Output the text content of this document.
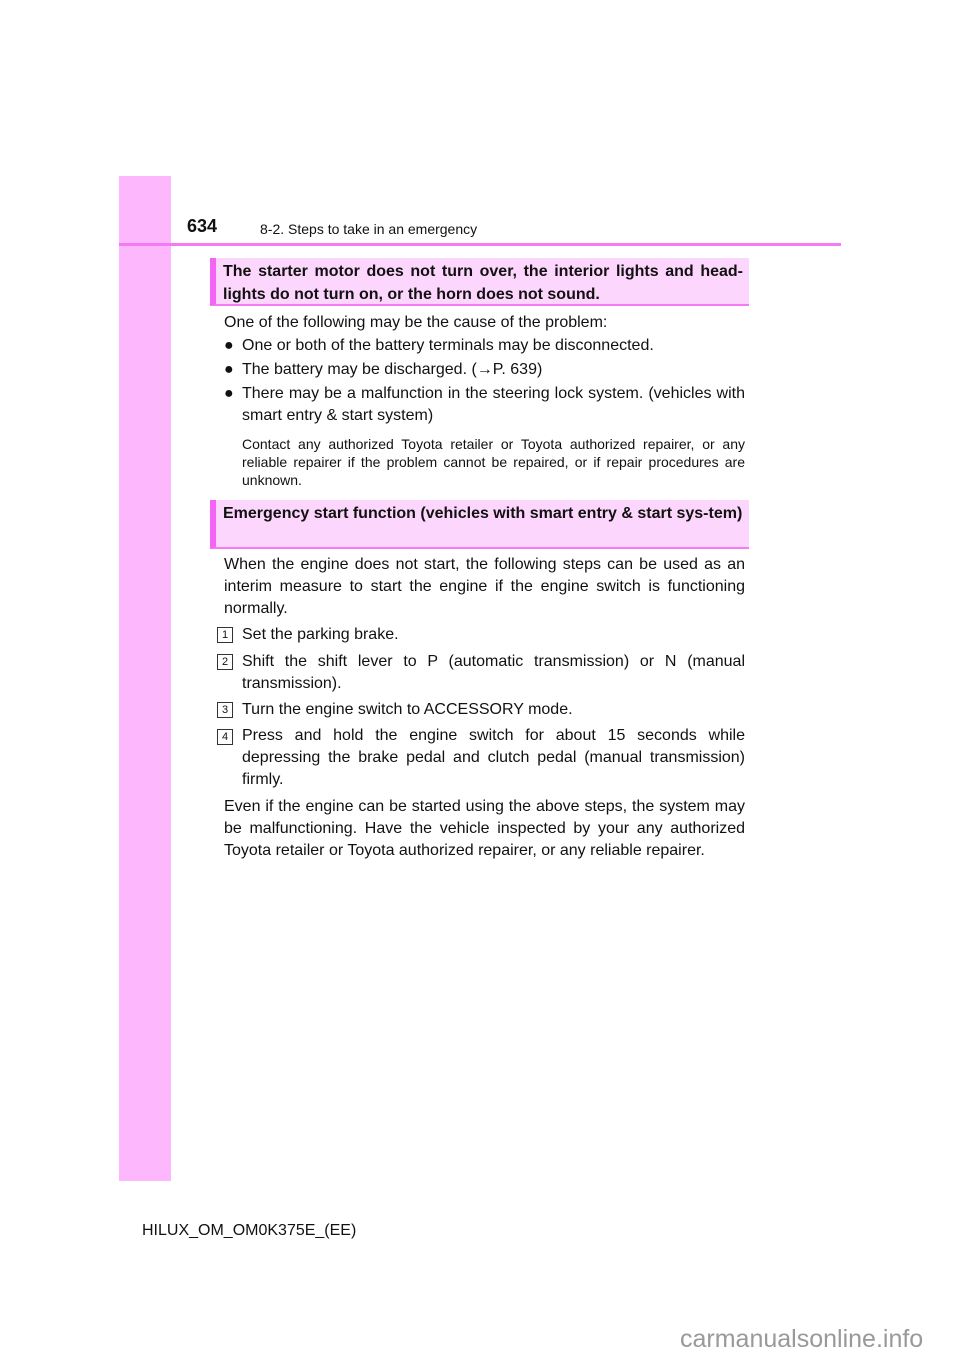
634	8-2. Steps to take in an emergency
The starter motor does not turn over, the interior lights and head-lights do not turn on, or the horn does not sound.
One of the following may be the cause of the problem:
● One or both of the battery terminals may be disconnected.
● The battery may be discharged. (→P. 639)
● There may be a malfunction in the steering lock system. (vehicles with smart entry & start system)
Contact any authorized Toyota retailer or Toyota authorized repairer, or any reliable repairer if the problem cannot be repaired, or if repair procedures are unknown.
Emergency start function (vehicles with smart entry & start sys-tem)
When the engine does not start, the following steps can be used as an interim measure to start the engine if the engine switch is functioning normally.
1 Set the parking brake.
2 Shift the shift lever to P (automatic transmission) or N (manual transmission).
3 Turn the engine switch to ACCESSORY mode.
4 Press and hold the engine switch for about 15 seconds while depressing the brake pedal and clutch pedal (manual transmission) firmly.
Even if the engine can be started using the above steps, the system may be malfunctioning. Have the vehicle inspected by your any authorized Toyota retailer or Toyota authorized repairer, or any reliable repairer.
HILUX_OM_OM0K375E_(EE)
carmanualsonline.info
